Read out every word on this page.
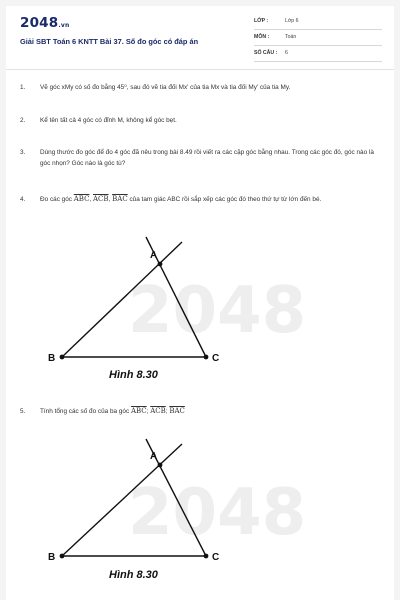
2048.vn
Giải SBT Toán 6 KNTT Bài 37. Số đo góc có đáp án
LỚP :	Lớp 6
MÔN :	Toán
SỐ CÂU : 6
1.	Vẽ góc xMy có số đo bằng 45⁰, sau đó vẽ tia đối Mx' của tia Mx và tia đối My' của tia My.
2.	Kể tên tất cả 4 góc có đỉnh M, không kể góc bẹt.
3.	Dùng thước đo góc để đo 4 góc đã nêu trong bài 8.49 rồi viết ra các cặp góc bằng nhau. Trong các góc đó, góc nào là góc nhọn? Góc nào là góc tù?
4.	Đo các góc $\overline{ABC}$, $\overline{ACB}$, $\overline{BAC}$ của tam giác ABC rồi sắp xếp các góc đó theo thứ tự từ lớn đến bé.
2048
A
B	C
Hình 8.30
5.	Tính tổng các số đo của ba góc $\overline{ABC}$; $\overline{ACB}$; $\overline{BAC}$
2048
A
B	C
Hình 8.30
